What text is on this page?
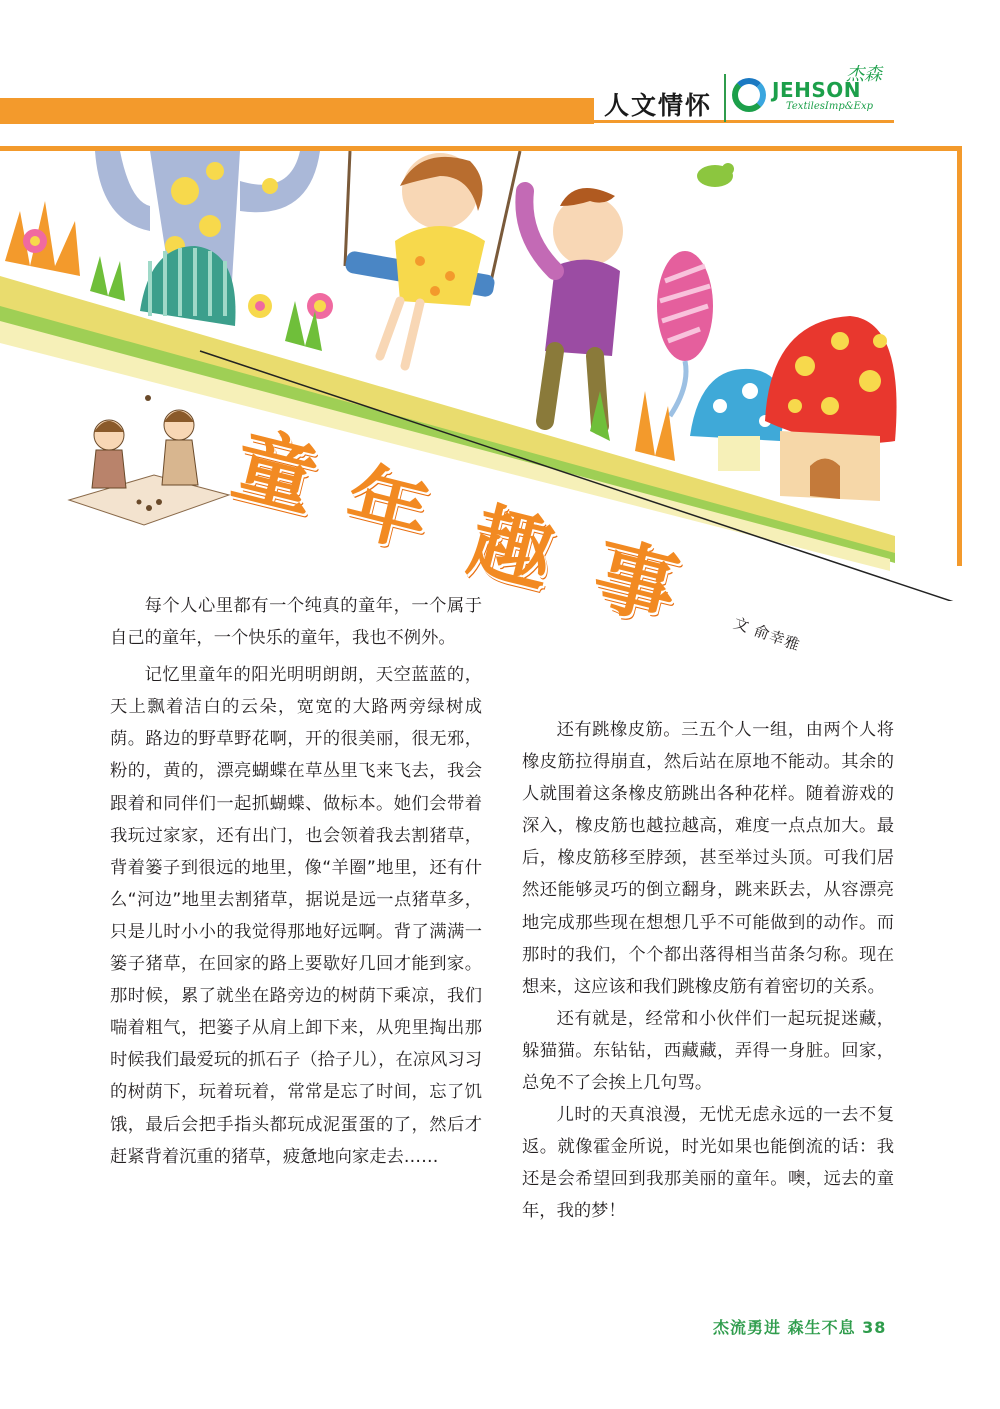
人文情怀
JEHSON
杰森
TextilesImp&Exp
童 年 趣 事	文 俞幸雅

每个人心里都有一个纯真的童年，一个属于自己的童年，一个快乐的童年，我也不例外。

记忆里童年的阳光明明朗朗，天空蓝蓝的，天上飘着洁白的云朵，宽宽的大路两旁绿树成荫。路边的野草野花啊，开的很美丽，很无邪，粉的，黄的，漂亮蝴蝶在草丛里飞来飞去，我会跟着和同伴们一起抓蝴蝶、做标本。她们会带着我玩过家家，还有出门，也会领着我去割猪草，背着篓子到很远的地里，像“羊圈”地里，还有什么“河边”地里去割猪草，据说是远一点猪草多，只是儿时小小的我觉得那地好远啊。背了满满一篓子猪草，在回家的路上要歇好几回才能到家。那时候，累了就坐在路旁边的树荫下乘凉，我们喘着粗气，把篓子从肩上卸下来，从兜里掏出那时候我们最爱玩的抓石子（拾子儿），在凉风习习的树荫下，玩着玩着，常常是忘了时间，忘了饥饿，最后会把手指头都玩成泥蛋蛋的了，然后才赶紧背着沉重的猪草，疲惫地向家走去……

还有跳橡皮筋。三五个人一组，由两个人将橡皮筋拉得崩直，然后站在原地不能动。其余的人就围着这条橡皮筋跳出各种花样。随着游戏的深入，橡皮筋也越拉越高，难度一点点加大。最后，橡皮筋移至脖颈，甚至举过头顶。可我们居然还能够灵巧的倒立翻身，跳来跃去，从容漂亮地完成那些现在想想几乎不可能做到的动作。而那时的我们，个个都出落得相当苗条匀称。现在想来，这应该和我们跳橡皮筋有着密切的关系。

还有就是，经常和小伙伴们一起玩捉迷藏，躲猫猫。东钻钻，西藏藏，弄得一身脏。回家，总免不了会挨上几句骂。

儿时的天真浪漫，无忧无虑永远的一去不复返。就像霍金所说，时光如果也能倒流的话：我还是会希望回到我那美丽的童年。噢，远去的童年，我的梦！

杰流勇进 森生不息 38
